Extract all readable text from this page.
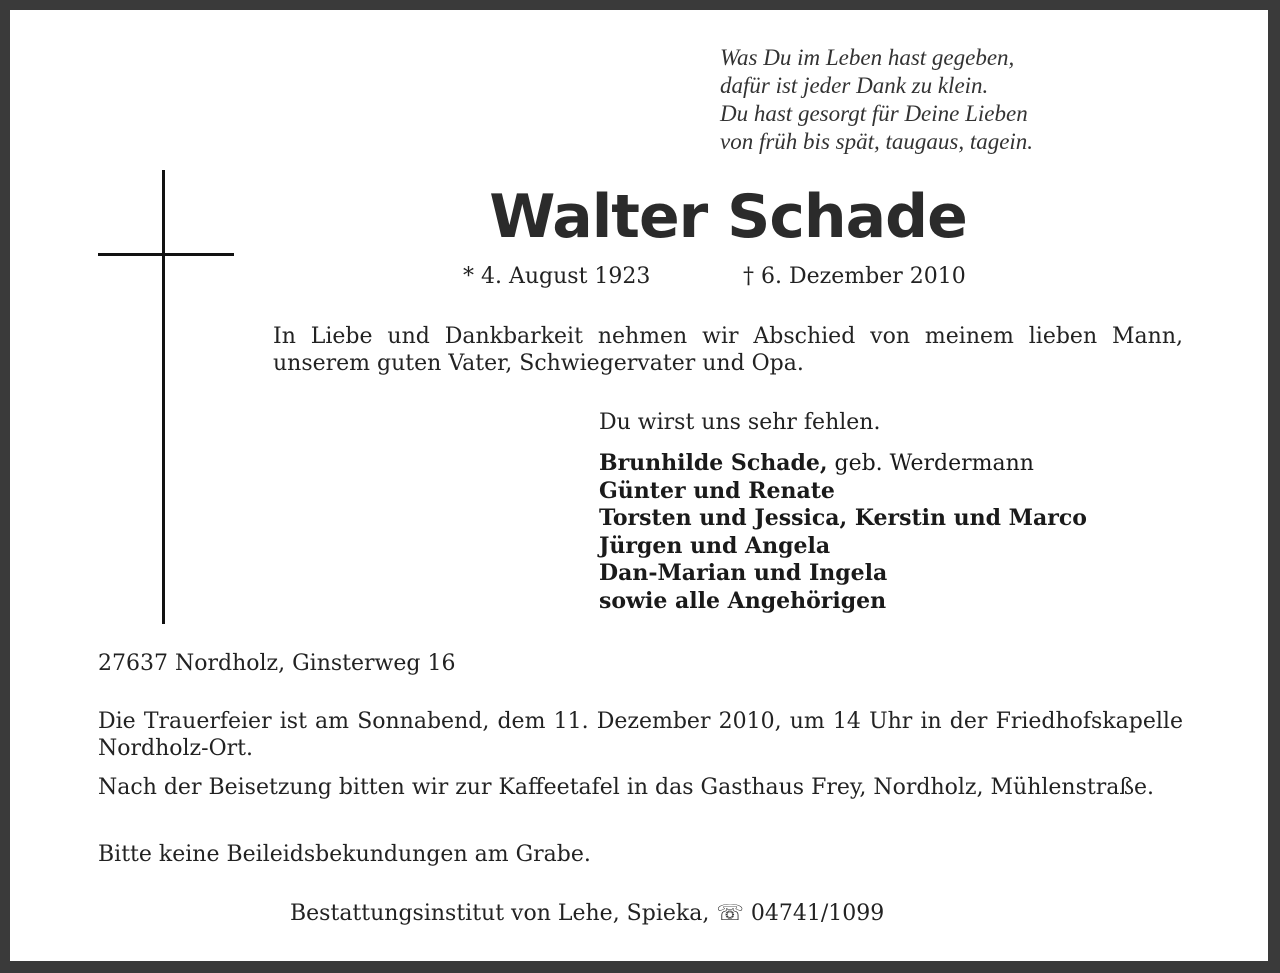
Was Du im Leben hast gegeben,
dafür ist jeder Dank zu klein.
Du hast gesorgt für Deine Lieben
von früh bis spät, taugaus, tagein.
Walter Schade
* 4. August 1923	† 6. Dezember 2010
In Liebe und Dankbarkeit nehmen wir Abschied von meinem lieben Mann, unserem guten Vater, Schwiegervater und Opa.
Du wirst uns sehr fehlen.
Brunhilde Schade, geb. Werdermann
Günter und Renate
Torsten und Jessica, Kerstin und Marco
Jürgen und Angela
Dan-Marian und Ingela
sowie alle Angehörigen
27637 Nordholz, Ginsterweg 16
Die Trauerfeier ist am Sonnabend, dem 11. Dezember 2010, um 14 Uhr in der Friedhofskapelle Nordholz-Ort.
Nach der Beisetzung bitten wir zur Kaffeetafel in das Gasthaus Frey, Nordholz, Mühlenstraße.
Bitte keine Beileidsbekundungen am Grabe.
Bestattungsinstitut von Lehe, Spieka, ☏ 04741/1099
